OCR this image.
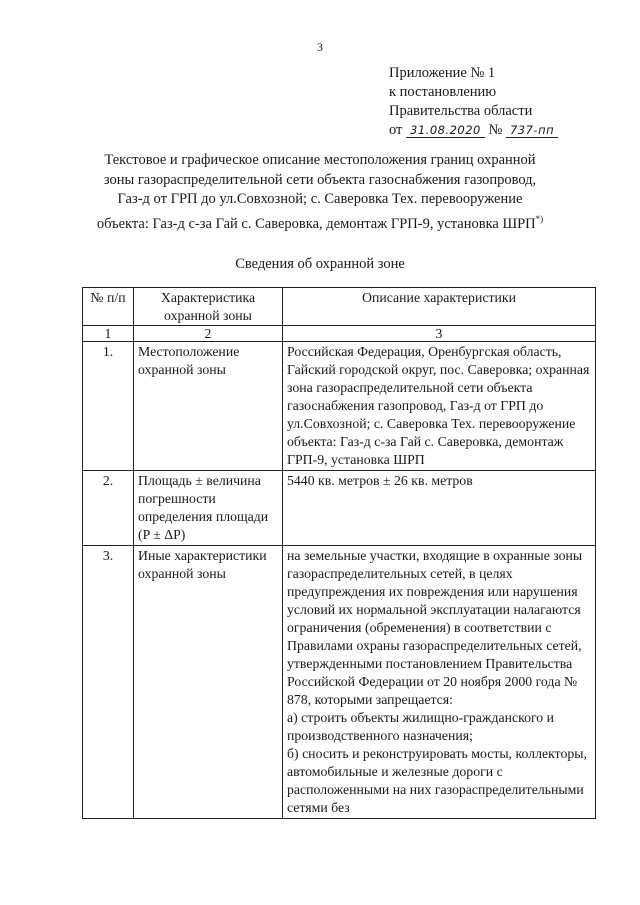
3
Приложение № 1
к постановлению
Правительства области
от 31.08.2020 № 737-пп
Текстовое и графическое описание местоположения границ охранной зоны газораспределительной сети объекта газоснабжения газопровод, Газ-д от ГРП до ул.Совхозной; с. Саверовка Тех. перевооружение объекта: Газ-д с-за Гай с. Саверовка, демонтаж ГРП-9, установка ШРП*)
Сведения об охранной зоне
№ п/п	Характеристика охранной зоны	Описание характеристики
1	2	3
1.	Местоположение охранной зоны	Российская Федерация, Оренбургская область, Гайский городской округ, пос. Саверовка; охранная зона газораспределительной сети объекта газоснабжения газопровод, Газ-д от ГРП до ул.Совхозной; с. Саверовка Тех. перевооружение объекта: Газ-д с-за Гай с. Саверовка, демонтаж ГРП-9, установка ШРП
2.	Площадь ± величина погрешности определения площади (P ± ΔP)	5440 кв. метров ± 26 кв. метров
3.	Иные характеристики охранной зоны	на земельные участки, входящие в охранные зоны газораспределительных сетей, в целях предупреждения их повреждения или нарушения условий их нормальной эксплуатации налагаются ограничения (обременения) в соответствии с Правилами охраны газораспределительных сетей, утвержденными постановлением Правительства Российской Федерации от 20 ноября 2000 года № 878, которыми запрещается:
а) строить объекты жилищно-гражданского и производственного назначения;
б) сносить и реконструировать мосты, коллекторы, автомобильные и железные дороги с расположенными на них газораспределительными сетями без
